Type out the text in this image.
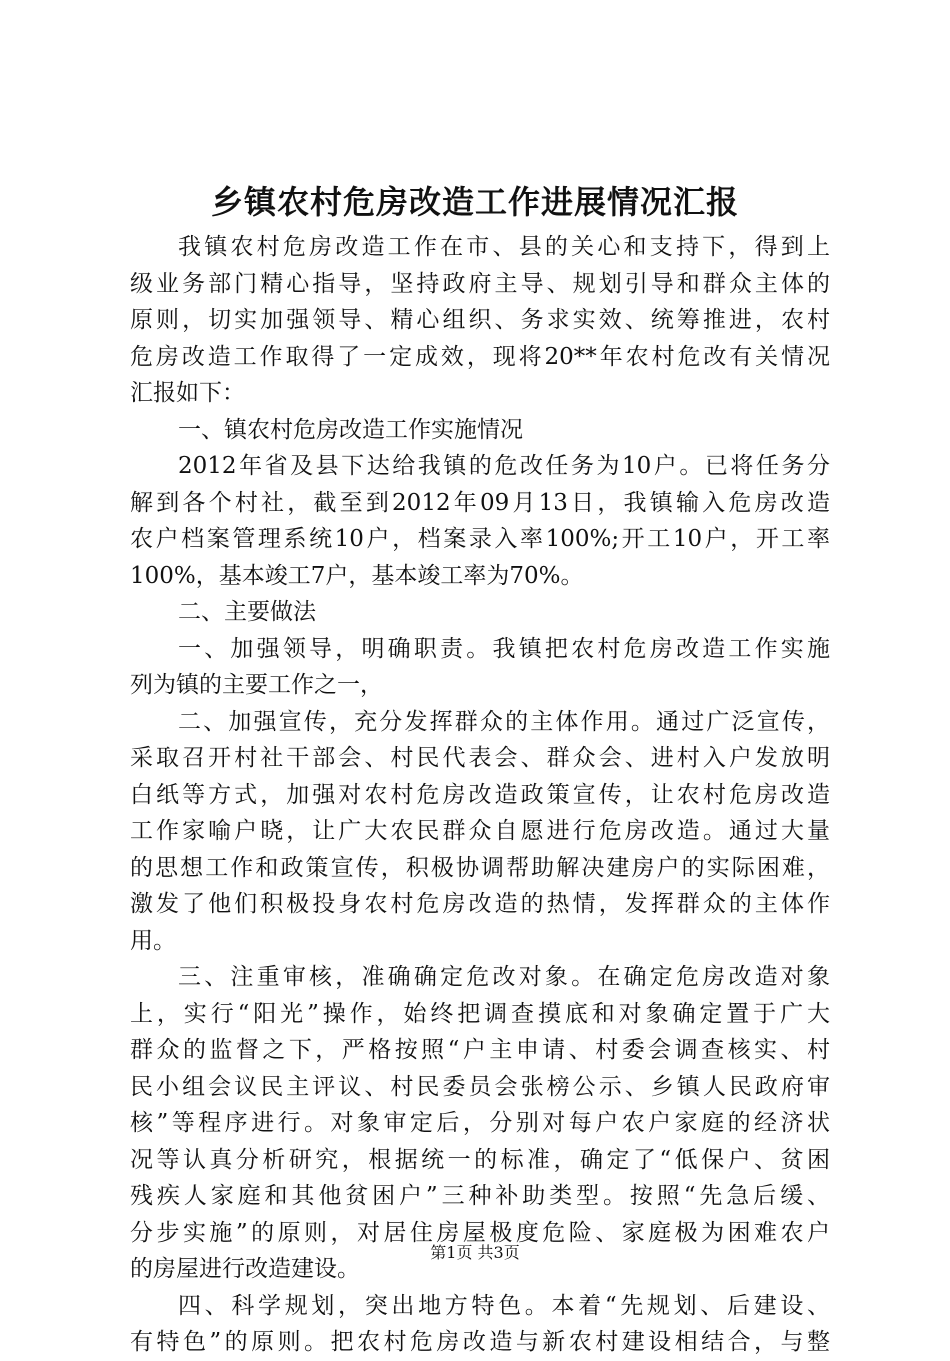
乡镇农村危房改造工作进展情况汇报
我镇农村危房改造工作在市、县的关心和支持下，得到上
级业务部门精心指导，坚持政府主导、规划引导和群众主体的
原则，切实加强领导、精心组织、务求实效、统筹推进，农村
危房改造工作取得了一定成效，现将20**年农村危改有关情况
汇报如下：
一、镇农村危房改造工作实施情况
2012年省及县下达给我镇的危改任务为10户。已将任务分
解到各个村社，截至到2012年09月13日，我镇输入危房改造
农户档案管理系统10户，档案录入率100%;开工10户，开工率
100%，基本竣工7户，基本竣工率为70%。
二、主要做法
一、加强领导，明确职责。我镇把农村危房改造工作实施
列为镇的主要工作之一，
二、加强宣传，充分发挥群众的主体作用。通过广泛宣传，
采取召开村社干部会、村民代表会、群众会、进村入户发放明
白纸等方式，加强对农村危房改造政策宣传，让农村危房改造
工作家喻户晓，让广大农民群众自愿进行危房改造。通过大量
的思想工作和政策宣传，积极协调帮助解决建房户的实际困难，
激发了他们积极投身农村危房改造的热情，发挥群众的主体作
用。
三、注重审核，准确确定危改对象。在确定危房改造对象
上，实行“阳光”操作，始终把调查摸底和对象确定置于广大
群众的监督之下，严格按照“户主申请、村委会调查核实、村
民小组会议民主评议、村民委员会张榜公示、乡镇人民政府审
核”等程序进行。对象审定后，分别对每户农户家庭的经济状
况等认真分析研究，根据统一的标准，确定了“低保户、贫困
残疾人家庭和其他贫困户”三种补助类型。按照“先急后缓、
分步实施”的原则，对居住房屋极度危险、家庭极为困难农户
的房屋进行改造建设。
四、科学规划，突出地方特色。本着“先规划、后建设、
有特色”的原则。把农村危房改造与新农村建设相结合，与整
第1页 共3页
